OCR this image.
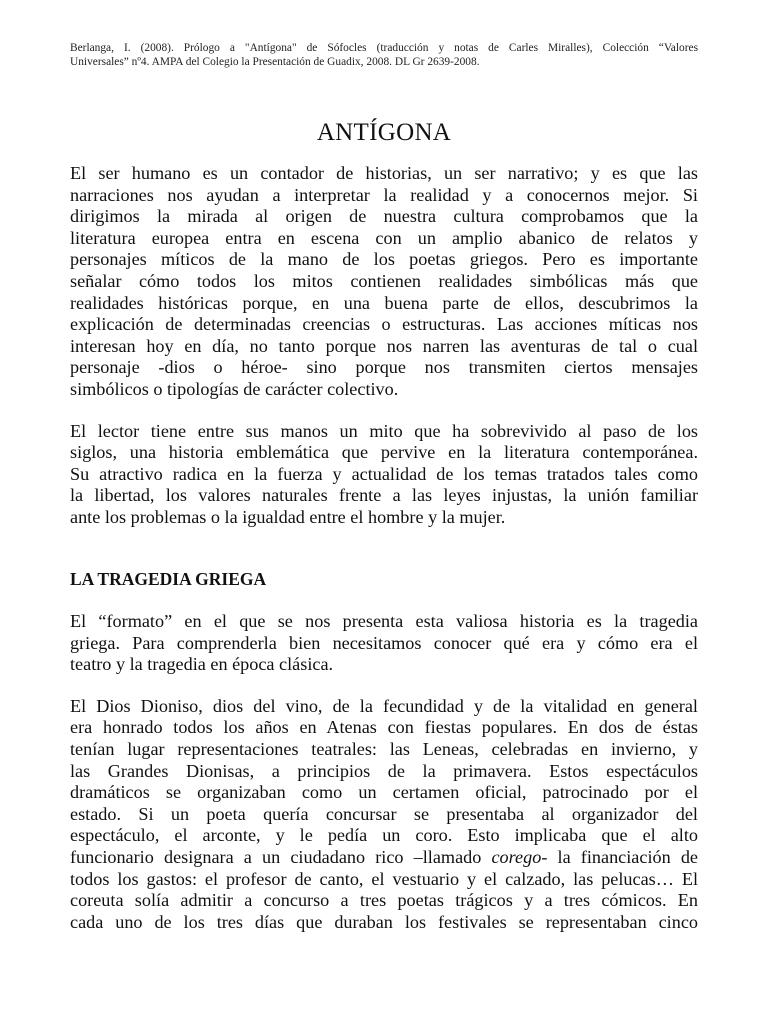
Berlanga, I. (2008). Prólogo a "Antígona" de Sófocles (traducción y notas de Carles Miralles), Colección “Valores
Universales” nº4. AMPA del Colegio la Presentación de Guadix, 2008. DL Gr 2639-2008.
ANTÍGONA

El ser humano es un contador de historias, un ser narrativo; y es que las
narraciones nos ayudan a interpretar la realidad y a conocernos mejor. Si
dirigimos la mirada al origen de nuestra cultura comprobamos que la
literatura europea entra en escena con un amplio abanico de relatos y
personajes míticos de la mano de los poetas griegos. Pero es importante
señalar cómo todos los mitos contienen realidades simbólicas más que
realidades históricas porque, en una buena parte de ellos, descubrimos la
explicación de determinadas creencias o estructuras. Las acciones míticas nos
interesan hoy en día, no tanto porque nos narren las aventuras de tal o cual
personaje -dios o héroe- sino porque nos transmiten ciertos mensajes
simbólicos o tipologías de carácter colectivo.

El lector tiene entre sus manos un mito que ha sobrevivido al paso de los
siglos, una historia emblemática que pervive en la literatura contemporánea.
Su atractivo radica en la fuerza y actualidad de los temas tratados tales como
la libertad, los valores naturales frente a las leyes injustas, la unión familiar
ante los problemas o la igualdad entre el hombre y la mujer.

LA TRAGEDIA GRIEGA

El “formato” en el que se nos presenta esta valiosa historia es la tragedia
griega. Para comprenderla bien necesitamos conocer qué era y cómo era el
teatro y la tragedia en época clásica.

El Dios Dioniso, dios del vino, de la fecundidad y de la vitalidad en general
era honrado todos los años en Atenas con fiestas populares. En dos de éstas
tenían lugar representaciones teatrales: las Leneas, celebradas en invierno, y
las Grandes Dionisas, a principios de la primavera. Estos espectáculos
dramáticos se organizaban como un certamen oficial, patrocinado por el
estado. Si un poeta quería concursar se presentaba al organizador del
espectáculo, el arconte, y le pedía un coro. Esto implicaba que el alto
funcionario designara a un ciudadano rico –llamado corego- la financiación de
todos los gastos: el profesor de canto, el vestuario y el calzado, las pelucas… El
coreuta solía admitir a concurso a tres poetas trágicos y a tres cómicos. En
cada uno de los tres días que duraban los festivales se representaban cinco
